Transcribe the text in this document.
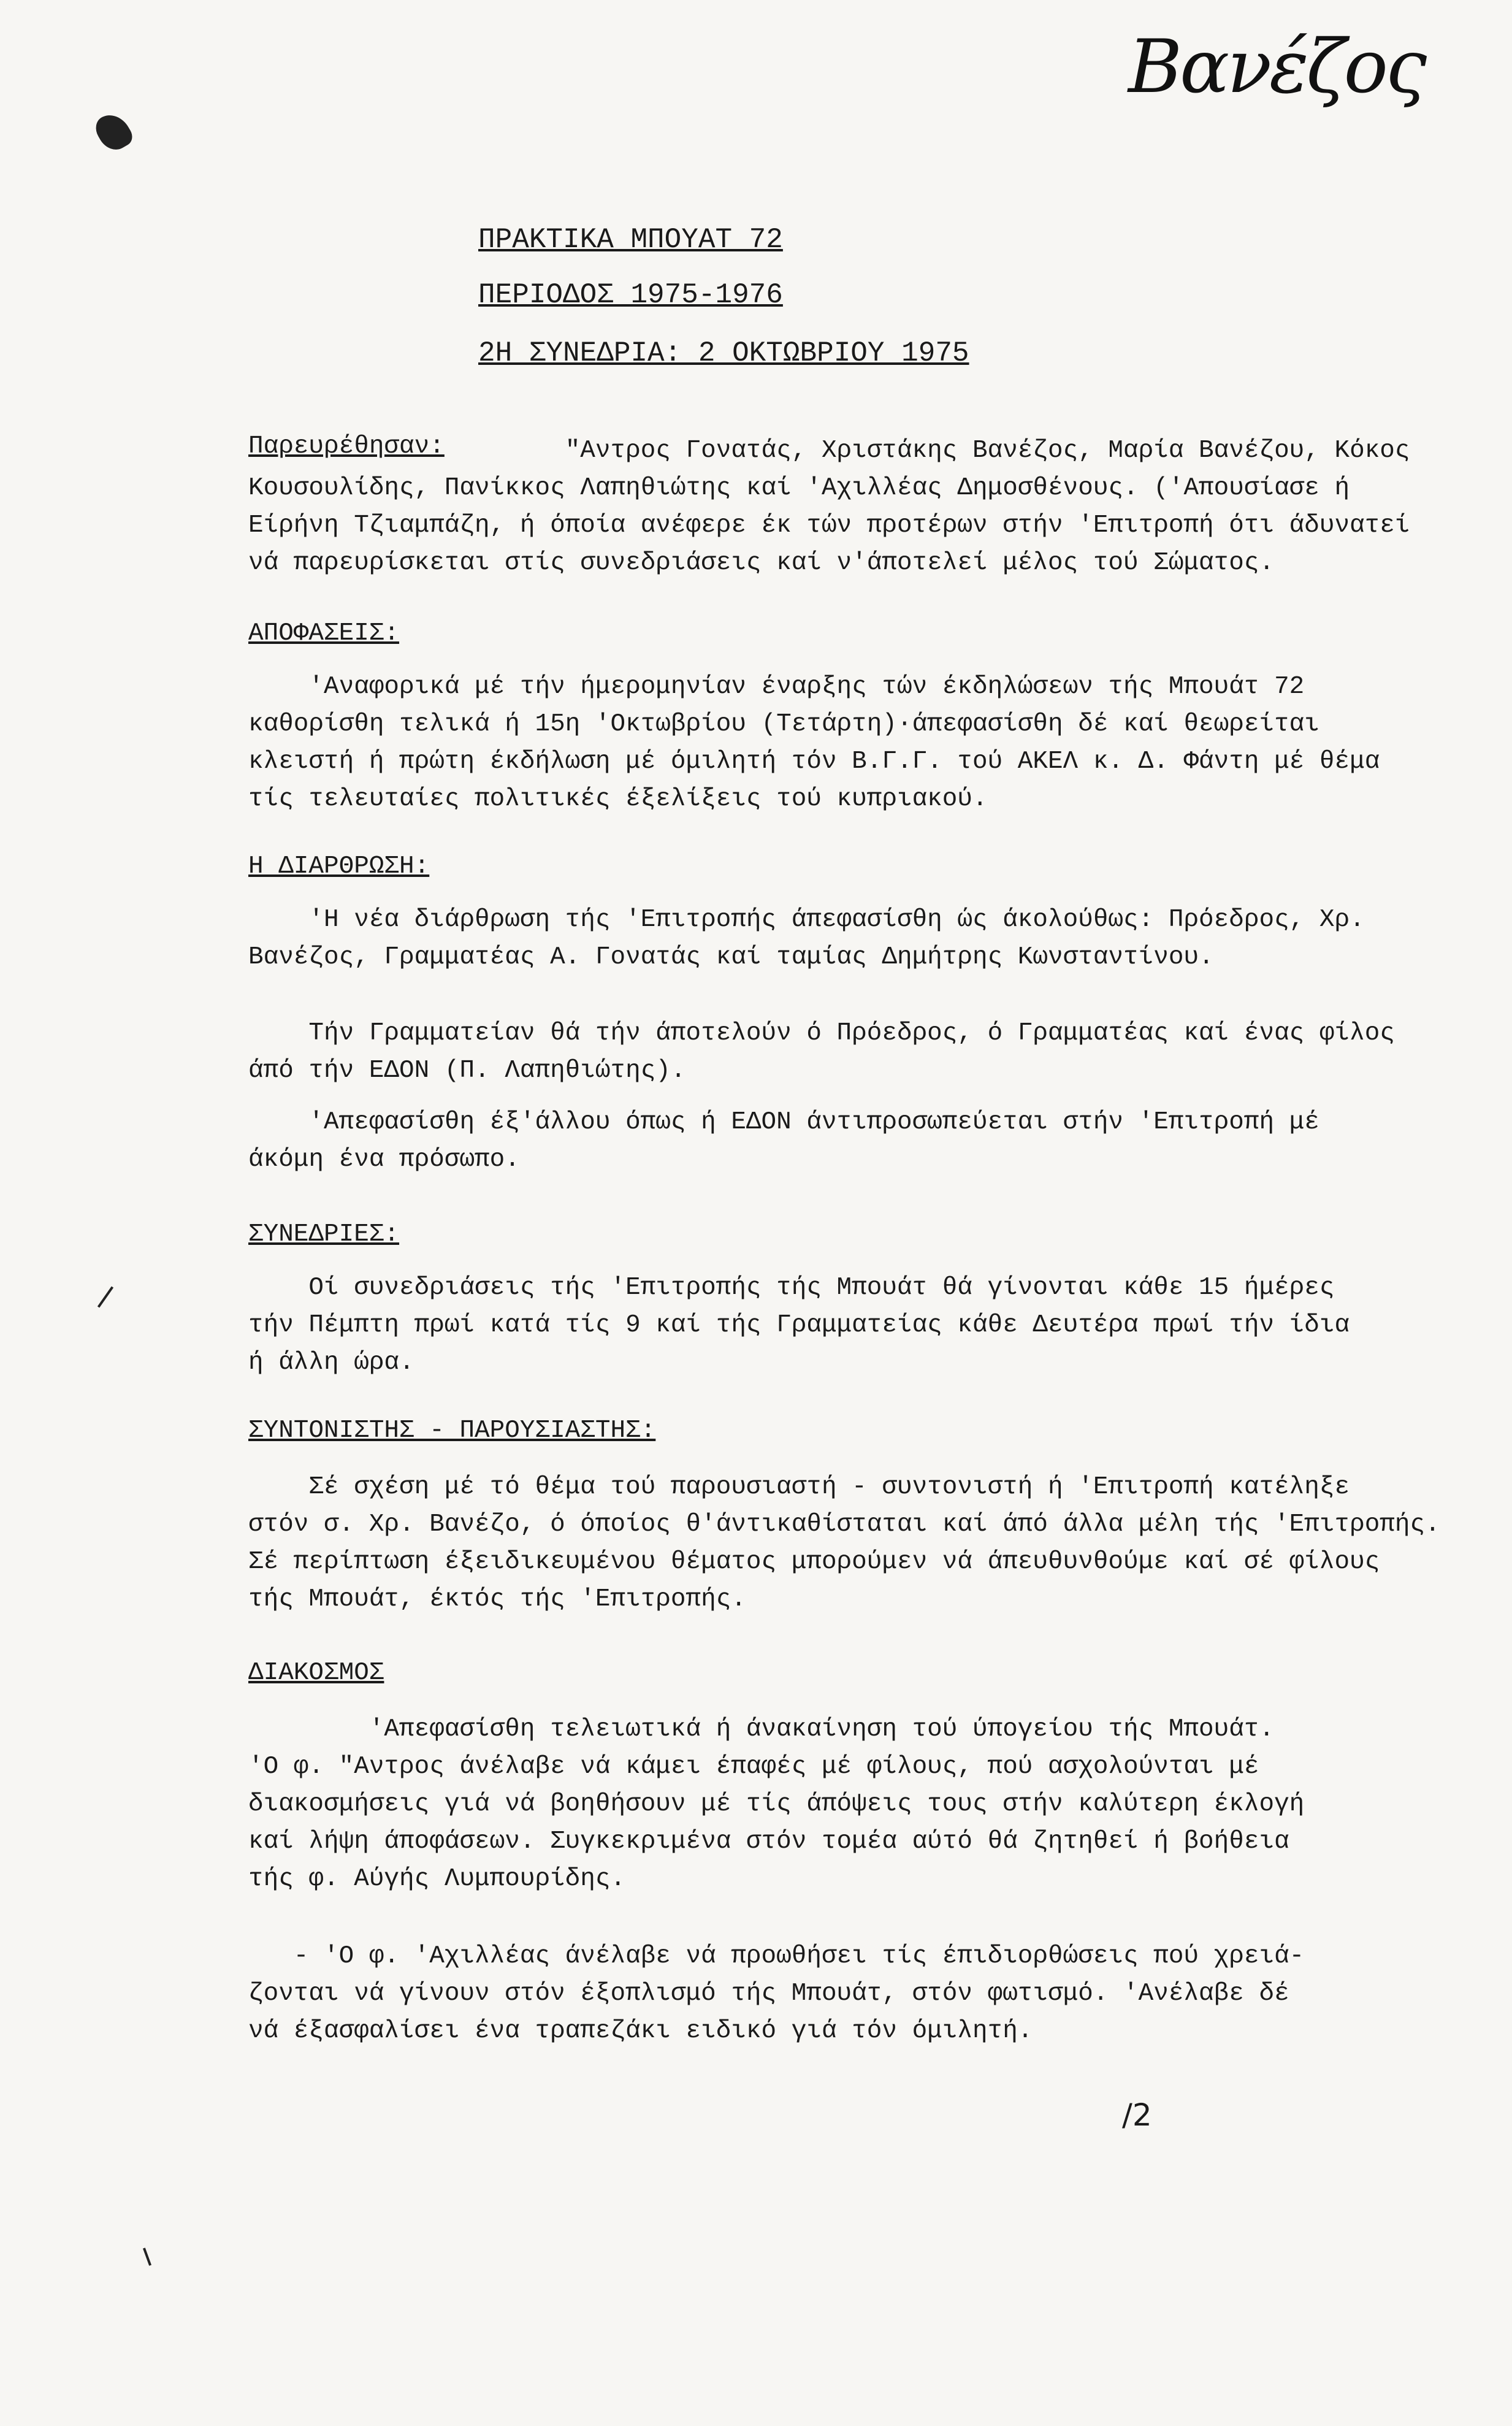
Βανέζος
ΠΡΑΚΤΙΚΑ ΜΠΟΥΑΤ 72
ΠΕΡΙΟΔΟΣ 1975-1976
2Η ΣΥΝΕΔΡΙΑ: 2 ΟΚΤΩΒΡΙΟΥ 1975
Παρευρέθησαν:	"Αντρος Γονατάς, Χριστάκης Βανέζος, Μαρία Βανέζου, Κόκος
Κουσουλίδης, Πανίκκος Λαπηθιώτης καί 'Αχιλλέας Δημοσθένους. ('Απουσίασε ή
Είρήνη Τζιαμπάζη, ή όποία ανέφερε έκ τών προτέρων στήν 'Επιτροπή ότι άδυνατεί
νά παρευρίσκεται στίς συνεδριάσεις καί ν'άποτελεί μέλος τού Σώματος.
ΑΠΟΦΑΣΕΙΣ:
'Αναφορικά μέ τήν ήμερομηνίαν έναρξης τών έκδηλώσεων τής Μπουάτ 72
καθορίσθη τελικά ή 15η 'Οκτωβρίου (Τετάρτη)·άπεφασίσθη δέ καί θεωρείται
κλειστή ή πρώτη έκδήλωση μέ όμιλητή τόν Β.Γ.Γ. τού ΑΚΕΛ κ. Δ. Φάντη μέ θέμα
τίς τελευταίες πολιτικές έξελίξεις τού κυπριακού.
Η ΔΙΑΡΘΡΩΣΗ:
'Η νέα διάρθρωση τής 'Επιτροπής άπεφασίσθη ώς άκολούθως: Πρόεδρος, Χρ.
Βανέζος, Γραμματέας Α. Γονατάς καί ταμίας Δημήτρης Κωνσταντίνου.
Τήν Γραμματείαν θά τήν άποτελούν ό Πρόεδρος, ό Γραμματέας καί ένας φίλος
άπό τήν ΕΔΟΝ (Π. Λαπηθιώτης).
'Απεφασίσθη έξ'άλλου όπως ή ΕΔΟΝ άντιπροσωπεύεται στήν 'Επιτροπή μέ
άκόμη ένα πρόσωπο.
ΣΥΝΕΔΡΙΕΣ:
Οί συνεδριάσεις τής 'Επιτροπής τής Μπουάτ θά γίνονται κάθε 15 ήμέρες
τήν Πέμπτη πρωί κατά τίς 9 καί τής Γραμματείας κάθε Δευτέρα πρωί τήν ίδια
ή άλλη ώρα.
ΣΥΝΤΟΝΙΣΤΗΣ - ΠΑΡΟΥΣΙΑΣΤΗΣ:
Σέ σχέση μέ τό θέμα τού παρουσιαστή - συντονιστή ή 'Επιτροπή κατέληξε
στόν σ. Χρ. Βανέζο, ό όποίος θ'άντικαθίσταται καί άπό άλλα μέλη τής 'Επιτροπής.
Σέ περίπτωση έξειδικευμένου θέματος μπορούμεν νά άπευθυνθούμε καί σέ φίλους
τής Μπουάτ, έκτός τής 'Επιτροπής.
ΔΙΑΚΟΣΜΟΣ
'Απεφασίσθη τελειωτικά ή άνακαίνηση τού ύπογείου τής Μπουάτ.
'Ο φ. "Αντρος άνέλαβε νά κάμει έπαφές μέ φίλους, πού ασχολούνται μέ
διακοσμήσεις γιά νά βοηθήσουν μέ τίς άπόψεις τους στήν καλύτερη έκλογή
καί λήψη άποφάσεων. Συγκεκριμένα στόν τομέα αύτό θά ζητηθεί ή βοήθεια
τής φ. Αύγής Λυμπουρίδης.
- 'Ο φ. 'Αχιλλέας άνέλαβε νά προωθήσει τίς έπιδιορθώσεις πού χρειά-
ζονται νά γίνουν στόν έξοπλισμό τής Μπουάτ, στόν φωτισμό. 'Ανέλαβε δέ
νά έξασφαλίσει ένα τραπεζάκι ειδικό γιά τόν όμιλητή.
/2
